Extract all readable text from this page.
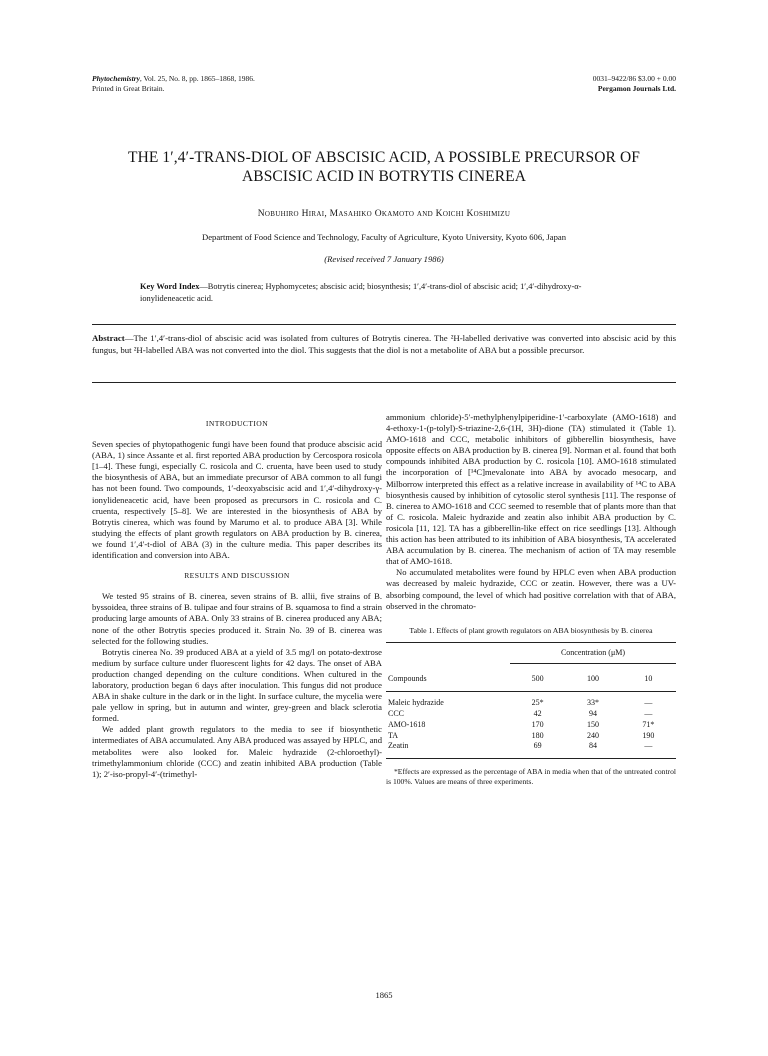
Phytochemistry, Vol. 25, No. 8, pp. 1865–1868, 1986.
Printed in Great Britain.
0031–9422/86 $3.00 + 0.00
Pergamon Journals Ltd.
THE 1′,4′-TRANS-DIOL OF ABSCISIC ACID, A POSSIBLE PRECURSOR OF
ABSCISIC ACID IN BOTRYTIS CINEREA
Nobuhiro Hirai, Masahiko Okamoto and Koichi Koshimizu
Department of Food Science and Technology, Faculty of Agriculture, Kyoto University, Kyoto 606, Japan
(Revised received 7 January 1986)
Key Word Index—Botrytis cinerea; Hyphomycetes; abscisic acid; biosynthesis; 1′,4′-trans-diol of abscisic acid; 1′,4′-dihydroxy-α-ionylideneacetic acid.
Abstract—The 1′,4′-trans-diol of abscisic acid was isolated from cultures of Botrytis cinerea. The ²H-labelled derivative was converted into abscisic acid by this fungus, but ²H-labelled ABA was not converted into the diol. This suggests that the diol is not a metabolite of ABA but a possible precursor.
INTRODUCTION

Seven species of phytopathogenic fungi have been found that produce abscisic acid (ABA, 1) since Assante et al. first reported ABA production by Cercospora rosicola [1–4]. These fungi, especially C. rosicola and C. cruenta, have been used to study the biosynthesis of ABA, but an immediate precursor of ABA common to all fungi has not been found. Two compounds, 1′-deoxyabscisic acid and 1′,4′-dihydroxy-γ-ionylideneacetic acid, have been proposed as precursors in C. rosicola and C. cruenta, respectively [5–8]. We are interested in the biosynthesis of ABA by Botrytis cinerea, which was found by Marumo et al. to produce ABA [3]. While studying the effects of plant growth regulators on ABA production by B. cinerea, we found 1′,4′-t-diol of ABA (3) in the culture media. This paper describes its identification and conversion into ABA.

RESULTS AND DISCUSSION

We tested 95 strains of B. cinerea, seven strains of B. allii, five strains of B. byssoidea, three strains of B. tulipae and four strains of B. squamosa to find a strain producing large amounts of ABA. Only 33 strains of B. cinerea produced any ABA; none of the other Botrytis species produced it. Strain No. 39 of B. cinerea was selected for the following studies.

Botrytis cinerea No. 39 produced ABA at a yield of 3.5 mg/l on potato-dextrose medium by surface culture under fluorescent lights for 42 days. The onset of ABA production changed depending on the culture conditions. When cultured in the laboratory, production began 6 days after inoculation. This fungus did not produce ABA in shake culture in the dark or in the light. In surface culture, the mycelia were pale yellow in spring, but in autumn and winter, grey-green and black sclerotia formed.

We added plant growth regulators to the media to see if biosynthetic intermediates of ABA accumulated. Any ABA produced was assayed by HPLC, and metabolites were also looked for. Maleic hydrazide (2-chloroethyl)-trimethylammonium chloride (CCC) and zeatin inhibited ABA production (Table 1); 2′-iso-propyl-4′-(trimethyl-

ammonium chloride)-5′-methylphenylpiperidine-1′-carboxylate (AMO-1618) and 4-ethoxy-1-(p-tolyl)-S-triazine-2,6-(1H, 3H)-dione (TA) stimulated it (Table 1). AMO-1618 and CCC, metabolic inhibitors of gibberellin biosynthesis, have opposite effects on ABA production by B. cinerea [9]. Norman et al. found that both compounds inhibited ABA production by C. rosicola [10]. AMO-1618 stimulated the incorporation of [¹⁴C]mevalonate into ABA by avocado mesocarp, and Milborrow interpreted this effect as a relative increase in availability of ¹⁴C to ABA biosynthesis caused by inhibition of cytosolic sterol synthesis [11]. The response of B. cinerea to AMO-1618 and CCC seemed to resemble that of plants more than that of C. rosicola. Maleic hydrazide and zeatin also inhibit ABA production by C. rosicola [11, 12]. TA has a gibberellin-like effect on rice seedlings [13]. Although this action has been attributed to its inhibition of ABA biosynthesis, TA accelerated ABA accumulation by B. cinerea. The mechanism of action of TA may resemble that of AMO-1618.

No accumulated metabolites were found by HPLC even when ABA production was decreased by maleic hydrazide, CCC or zeatin. However, there was a UV-absorbing compound, the level of which had positive correlation with that of ABA, observed in the chromato-

Table 1. Effects of plant growth regulators on ABA biosynthesis by B. cinerea
	Concentration (μM)		
Compounds	500	100	10
Maleic hydrazide	25*	33*	—
CCC	42	94	—
AMO-1618	170	150	71*
TA	180	240	190
Zeatin	69	84	—
*Effects are expressed as the percentage of ABA in media when that of the untreated control is 100%. Values are means of three experiments.
1865
